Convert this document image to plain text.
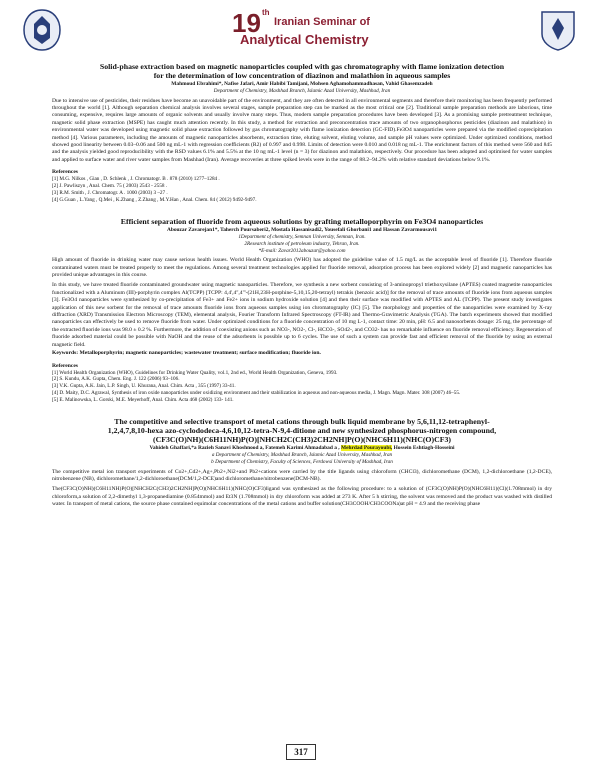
19 th
Iranian Seminar of
Analytical Chemistry

Solid-phase extraction based on magnetic nanoparticles coupled with gas chromatography with flame ionization detection

for the determination of low concentration of diazinon and malathion in aqueous samples

Mahmoud Ebrahimi*, Nafise Jafari, Amir Habibi Tamijani, Mohsen Aghamohammadhasan, Vahid Ghasemzadeh
Department of Chemistry, Mashhad Branch, Islamic Azad University, Mashhad, Iran

Due to intensive use of pesticides, their residues have become an unavoidable part of the environment, and they are often detected in all environmental segments and therefore their monitoring has been frequently performed throughout the world [1]. Although separation chemical analysis involves several stages, sample preparation step can be marked as the most critical one [2]. Traditional sample preparation methods are laborious, time consuming, expensive, requires large amounts of organic solvents and usually involve many steps. Thus, modern sample preparation procedures have been developed [3]. As a promising sample pretreatment technique, magnetic solid phase extraction (MSPE) has caught much attention recently. In this study, a method for extraction and preconcentration trace amounts of two organophosphorus pesticides (diazinon and malathion) in environmental water was developed using magnetic solid phase extraction followed by gas chromatography with flame ionization detection (GC-FID).Fe3O4 nanoparticles were prepared via the modified coprecipitation method [4]. Various parameters, including the amounts of magnetic nanoparticles absorbents, extraction time, eluting solvent, eluting volume, and sample pH values were optimized. Under optimized conditions, method showed good linearity between 0.03–0.06 and 500 ng mL-1 with regression coefficients (R2) of 0.997 and 0.998. Limits of detection were 0.010 and 0.018 ng mL-1. The enrichment factors of this method were 560 and 845 and the analysis yielded good reproducibility with the RSD values 6.1% and 5.5% at the 10 ng mL-1 level (n = 3) for diazinon and malathion, respectively. Our procedure has been adopted and optimised for water samples and applied to surface water and river water samples from Mashhad (Iran). Average recoveries at three spiked levels were in the range of 88.2–94.2% with relative standard deviations below 9.1%.

References
[1] M.G. Nilkos , Gian , D. Schlenk , J. Chromatogr. B . 878 (2010) 1277–1284 .
[2] J. Pawliszyn , Anal. Chem. 75 ( 2003) 2543 - 2558 .
[3] R.M. Smith , J. Chromatogr. A . 1000 (2003) 3 –27 .
[4] G.Guan , L.Yang , Q.Mei , K.Zhang , Z.Zhang , M.Y.Han , Anal. Chem. 84 ( 2012) 9492-9497.

Efficient separation of fluoride from aqueous solutions by grafting metalloporphyrin on Fe3O4 nanoparticles

Abouzar Zavarejan1*, Taherch Poursaberi2, Mostafa Hassanisadi2, Yousefali Ghorbani1 and Hassan Zavarmousavi1
1Department of chemistry, Semnan University, Semnan, Iran.
2Research institute of petroleum industry, Tehran, Iran.
*E-mail: Zavar2012abouzar@yahoo.com

High amount of fluoride in drinking water may cause serious health issues. World Health Organization (WHO) has adopted the guideline value of 1.5 mg/L as the acceptable level of fluoride [1]. Therefore fluoride contaminated waters must be treated properly to meet the regulations. Among several treatment technologies applied for fluoride removal, adsorption process has been explored widely [2] and magnetic nanoparticles has provided unique advantages in this course.

In this study, we have treated fluoride contaminated groundwater using magnetic nanoparticles. Therefore, we synthesis a new sorbent consisting of 3-aminopropyl triethoxysilane (APTES) coated magnetite nanoparticles functionalized with a Aluminum (III)-porphyrin complex Al(TCPP) [TCPP: 4,4',4'',4'''-(21H,23H-porphine-5,10,15,20-tetrayl) tetrakis (benzoic acid)] for the removal of trace amounts of fluoride ions from aqueous samples [3]. Fe3O4 nanoparticles were synthesized by co-precipitation of Fe3+ and Fe2+ ions in sodium hydroxide solution [4] and then their surface was modified with APTES and AL (TCPP). The present study investigates application of this new sorbent for the removal of trace amounts fluoride ions from aqueous samples using ion chromatography (IC) [5]. The morphology and properties of the nanoparticles were examined by X-ray diffraction (XRD) Transmission Electron Microscopy (TEM), elemental analysis, Fourier Transform Infrared Spectroscopy (FT-IR) and Thermo-Gravimetric Analysis (TGA). The batch experiments showed that modified nanoparticles can effectively be used to remove fluoride from water. Under optimized conditions for a fluoride concentration of 10 mg L-1, contact time: 20 min, pH: 6.5 and nanosorbents dosage: 25 mg, the percentage of the extracted fluoride ions was 98.0 ± 0.2 %. Furthermore, the addition of coexisting anions such as NO3-, NO2-, Cl-, HCO3-, SO42-, and CO32- has no remarkable influence on fluoride removal efficiency. Regeneration of fluoride adsorbed material could be possible with NaOH and the reuse of the adsorbents is possible up to 6 cycles. The use of such a system can provide fast and efficient removal of the fluoride by using an external magnetic field.

Keywords: Metalloporphyrin; magnetic nanoparticles; wastewater treatment; surface modification; fluoride ion.

References
[1] World Health Organization (WHO), Guidelines for Drinking Water Quality, vol.1, 2nd ed., World Health Organization, Geneva, 1993.
[2] S. Kundu, A.K. Gupta, Chem. Eng. J. 122 (2006) 93–106.
[3] V.K. Gupta, A.K. Jain, L.P. Singh, U. Khurana, Anal. Chim. Acta , 355 (1997) 33-41.
[4] D. Maity, D.C. Agrawal, Synthesis of iron oxide nanoparticles under oxidizing environment and their stabilization in aqueous and non-aqueous media, J. Magn. Magn. Mater. 308 (2007) 46–55.
[5] E. Malinowska, L. Gorski, M.E. Meyerhoff, Anal. Chim. Acta 468 (2002) 133- 141.

The competitive and selective transport of metal cations through bulk liquid membrane by 5,6,11,12-tetraphenyl-

1,2,4,7,8,10-hexa azo-cyclododeca-4,6,10,12-tetra-N-9,4-ditione and new synthesized phosphorus-nitrogen compound,

(CF3C(O)NH)(C6H11NH)P(O)[NHCH2C(CH3)2CH2NH]P(O)(NHC6H11)(NHC(O)CF3)

Vahideh Ghaffari,*a Razieh Sanavi Khoshnood a, Fatemeh Karimi Ahmadabad a , Mehrdad Pourayoubi, Hossein Eshtiagh-Hosseini
a Department of Chemistry, Mashhad Branch, Islamic Azad University, Mashhad, Iran
b Department of Chemistry, Faculty of Sciences, Ferdowsi University of Mashhad, Iran

The competitive metal ion transport experiments of Co2+,Cd2+,Ag+,Pb2+,Ni2+and Pb2+cations were carried by the title ligands using chloroform (CHCl3), dichloromethane (DCM), 1,2-dichloroethane (1,2-DCE), nitrobenzene (NB), dichloromethane/1,2-dichloroethane(DCM/1,2-DCE)and dichloromethane/nitrobenzene(DCM-NB).

The(CF3C(O)NH)(C6H11NH)P(O)[NHCH2C(CH3)2CH2NH]P(O)(NHC6H11)(NHC(O)CF3)ligand was synthesized as the following procedure: to a solution of (CF3C(O)NH)P(O)(NHC6H11)(Cl)(1.708mmol) in dry chloroform,a solution of 2,2-dimethyl 1,3-propanediamine (0.854mmol) and Et3N (1.708mmol) in dry chloroform was added at 273 K. After 5 h stirring, the solvent was removed and the product was washed with distilled water. In transport of metal cations, the source phase contained equimolar concentrations of the metal cations and buffer solution(CH3COOH/CH3COONa)at pH = 4.9 and the receiving phase

317
